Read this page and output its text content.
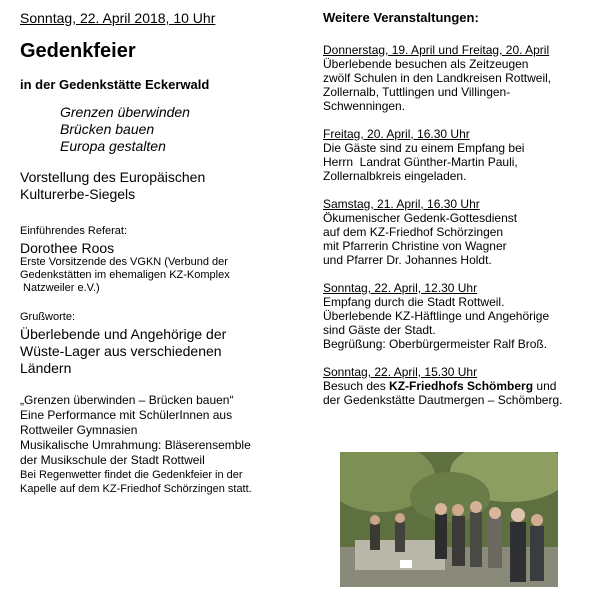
Sonntag, 22. April 2018, 10 Uhr
Gedenkfeier
in der Gedenkstätte Eckerwald
Grenzen überwinden
Brücken bauen
Europa gestalten
Vorstellung des Europäischen
Kulturerbe-Siegels
Einführendes Referat:
Dorothee Roos
Erste Vorsitzende des VGKN (Verbund der
Gedenkstätten im ehemaligen KZ-Komplex
Natzweiler e.V.)
Grußworte:
Überlebende und Angehörige der
Wüste-Lager aus verschiedenen
Ländern
„Grenzen überwinden – Brücken bauen“
Eine Performance mit SchülerInnen aus
Rottweiler Gymnasien
Musikalische Umrahmung: Bläserensemble
der Musikschule der Stadt Rottweil
Bei Regenwetter findet die Gedenkfeier in der
Kapelle auf dem KZ-Friedhof Schörzingen statt.
Weitere Veranstaltungen:
Donnerstag, 19. April und Freitag, 20. April
Überlebende besuchen als Zeitzeugen
zwölf Schulen in den Landkreisen Rottweil,
Zollernalb, Tuttlingen und Villingen-
Schwenningen.
Freitag, 20. April, 16.30 Uhr
Die Gäste sind zu einem Empfang bei
Herrn  Landrat Günther-Martin Pauli,
Zollernalbkreis eingeladen.
Samstag, 21. April, 16.30 Uhr
Ökumenischer Gedenk-Gottesdienst
auf dem KZ-Friedhof Schörzingen
mit Pfarrerin Christine von Wagner
und Pfarrer Dr. Johannes Holdt.
Sonntag, 22. April, 12.30 Uhr
Empfang durch die Stadt Rottweil.
Überlebende KZ-Häftlinge und Angehörige
sind Gäste der Stadt.
Begrüßung: Oberbürgermeister Ralf Broß.
Sonntag, 22. April, 15.30 Uhr
Besuch des KZ-Friedhofs Schömberg und
der Gedenkstätte Dautmergen – Schömberg.
